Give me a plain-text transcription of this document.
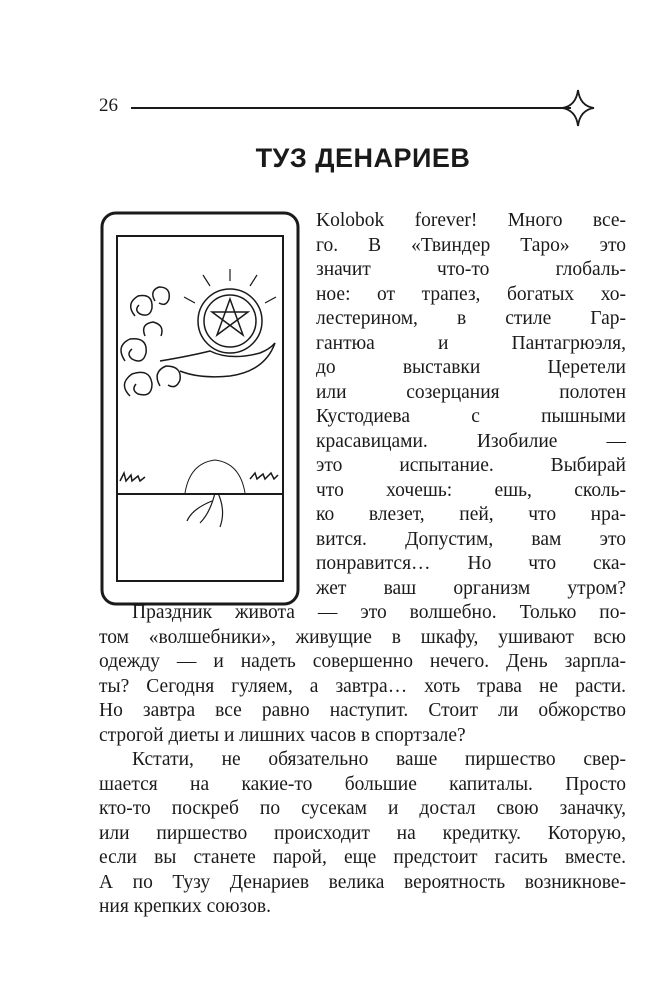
26
ТУЗ ДЕНАРИЕВ
Kolobok forever! Много все-
го. В «Твиндер Таро» это
значит что-то глобаль-
ное: от трапез, богатых хо-
лестерином, в стиле Гар-
гантюа и Пантагрюэля,
до выставки Церетели
или созерцания полотен
Кустодиева с пышными
красавицами. Изобилие —
это испытание. Выбирай
что хочешь: ешь, сколь-
ко влезет, пей, что нра-
вится. Допустим, вам это
понравится… Но что ска-
жет ваш организм утром?
Праздник живота — это волшебно. Только по-
том «волшебники», живущие в шкафу, ушивают всю
одежду — и надеть совершенно нечего. День зарпла-
ты? Сегодня гуляем, а завтра… хоть трава не расти.
Но завтра все равно наступит. Стоит ли обжорство
строгой диеты и лишних часов в спортзале?
Кстати, не обязательно ваше пиршество свер-
шается на какие-то большие капиталы. Просто
кто-то поскреб по сусекам и достал свою заначку,
или пиршество происходит на кредитку. Которую,
если вы станете парой, еще предстоит гасить вместе.
А по Тузу Денариев велика вероятность возникнове-
ния крепких союзов.
